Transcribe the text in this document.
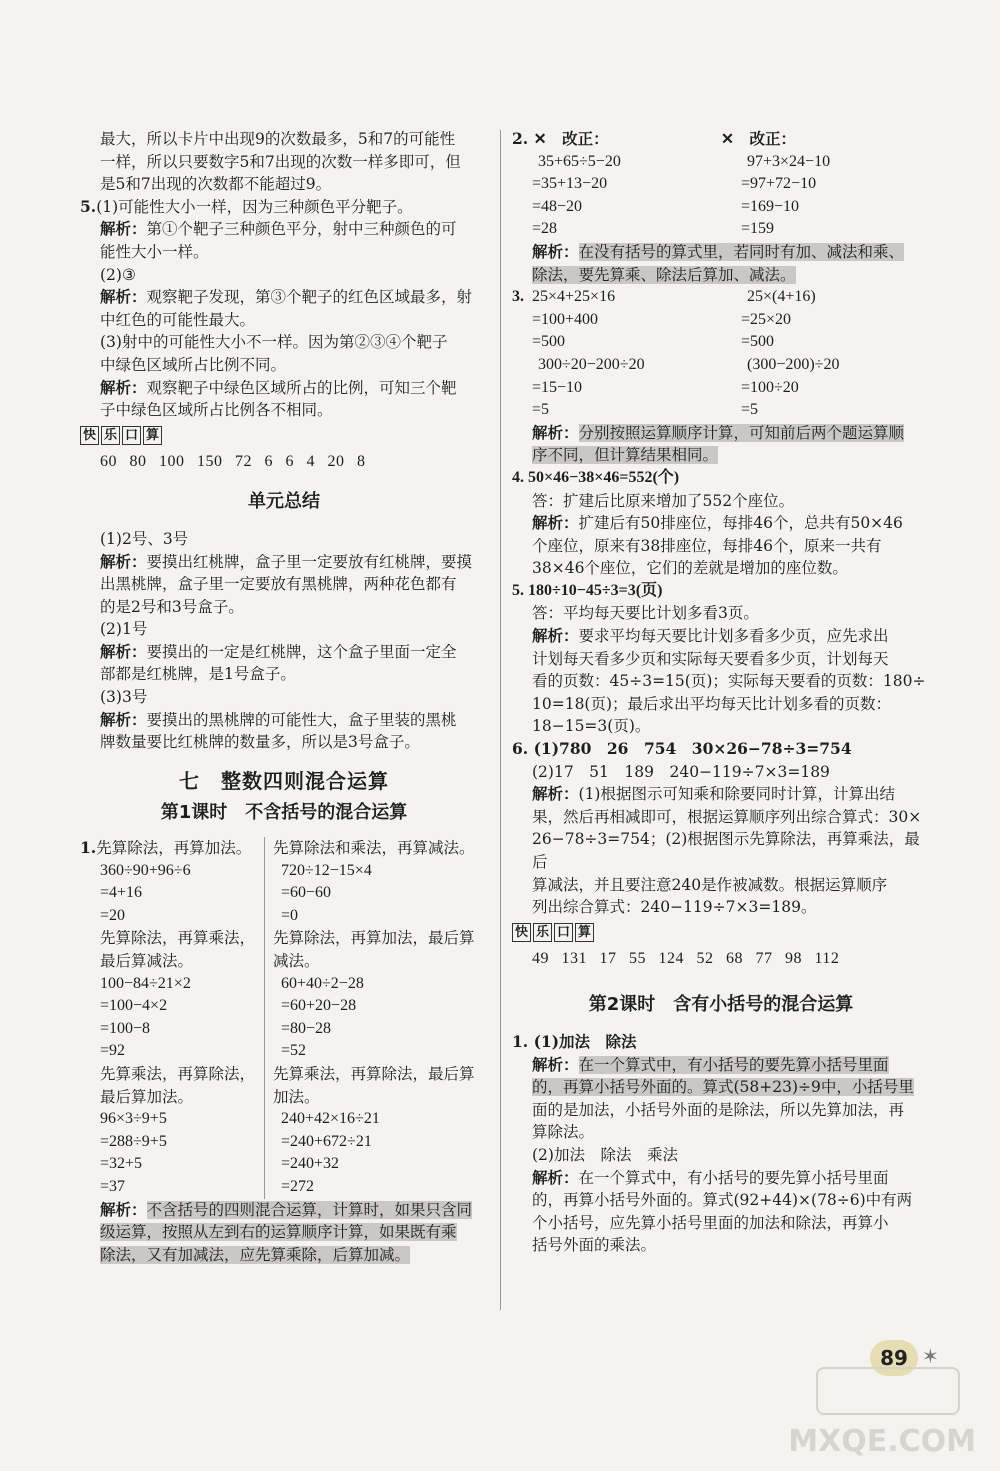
最大，所以卡片中出现9的次数最多，5和7的可能性

一样，所以只要数字5和7出现的次数一样多即可，但

是5和7出现的次数都不能超过9。

5.(1)可能性大小一样，因为三种颜色平分靶子。

解析：第①个靶子三种颜色平分，射中三种颜色的可

能性大小一样。

(2)③

解析：观察靶子发现，第③个靶子的红色区域最多，射

中红色的可能性最大。

(3)射中的可能性大小不一样。因为第②③④个靶子

中绿色区域所占比例不同。

解析：观察靶子中绿色区域所占的比例，可知三个靶

子中绿色区域所占比例各不相同。

快 乐 口 算

60 80 100 150 72 6 6 4 20 8

单元总结

(1)2号、3号

解析：要摸出红桃牌，盒子里一定要放有红桃牌，要摸

出黑桃牌，盒子里一定要放有黑桃牌，两种花色都有

的是2号和3号盒子。

(2)1号

解析：要摸出的一定是红桃牌，这个盒子里面一定全

部都是红桃牌，是1号盒子。

(3)3号

解析：要摸出的黑桃牌的可能性大，盒子里装的黑桃

牌数量要比红桃牌的数量多，所以是3号盒子。

七　整数四则混合运算
第1课时　不含括号的混合运算

1.先算除法，再算加法。

360÷90+96÷6

=4+16

=20

先算除法，再算乘法，

最后算减法。

100−84÷21×2

=100−4×2

=100−8

=92

先算乘法，再算除法，

最后算加法。

96×3÷9+5

=288÷9+5

=32+5

=37

先算除法和乘法，再算减法。

720÷12−15×4

=60−60

=0

先算除法，再算加法，最后算

减法。

60+40÷2−28

=60+20−28

=80−28

=52

先算乘法，再算除法，最后算

加法。

240+42×16÷21

=240+672÷21

=240+32

=272

解析：不含括号的四则混合运算，计算时，如果只含同

级运算，按照从左到右的运算顺序计算，如果既有乘

除法，又有加减法，应先算乘除，后算加减。

2. ✕　改正：	✕　改正：

35+65÷5−20

=35+13−20

=48−20

=28

97+3×24−10

=97+72−10

=169−10

=159

解析：在没有括号的算式里，若同时有加、减法和乘、

除法，要先算乘、除法后算加、减法。

3. 25×4+25×16

=100+400

=500

300÷20−200÷20

=15−10

=5

25×(4+16)

=25×20

=500

(300−200)÷20

=100÷20

=5

解析：分别按照运算顺序计算，可知前后两个题运算顺

序不同，但计算结果相同。

4. 50×46−38×46=552(个)

答：扩建后比原来增加了552个座位。

解析：扩建后有50排座位，每排46个，总共有50×46

个座位，原来有38排座位，每排46个，原来一共有

38×46个座位，它们的差就是增加的座位数。

5. 180÷10−45÷3=3(页)

答：平均每天要比计划多看3页。

解析：要求平均每天要比计划多看多少页，应先求出

计划每天看多少页和实际每天要看多少页，计划每天

看的页数：45÷3=15(页)；实际每天要看的页数：180÷

10=18(页)；最后求出平均每天比计划多看的页数：

18−15=3(页)。

6. (1)780　26　754　30×26−78÷3=754

(2)17　51　189　240−119÷7×3=189

解析：(1)根据图示可知乘和除要同时计算，计算出结

果，然后再相减即可，根据运算顺序列出综合算式：30×

26−78÷3=754；(2)根据图示先算除法，再算乘法，最后

算减法，并且要注意240是作被减数。根据运算顺序

列出综合算式：240−119÷7×3=189。

快 乐 口 算

49 131 17 55 124 52 68 77 98 112

第2课时　含有小括号的混合运算

1. (1)加法　除法

解析：在一个算式中，有小括号的要先算小括号里面

的，再算小括号外面的。算式(58+23)÷9中，小括号里

面的是加法，小括号外面的是除法，所以先算加法，再

算除法。

(2)加法　除法　乘法

解析：在一个算式中，有小括号的要先算小括号里面

的，再算小括号外面的。算式(92+44)×(78÷6)中有两

个小括号，应先算小括号里面的加法和除法，再算小

括号外面的乘法。

89 ✶
MXQE.COM
